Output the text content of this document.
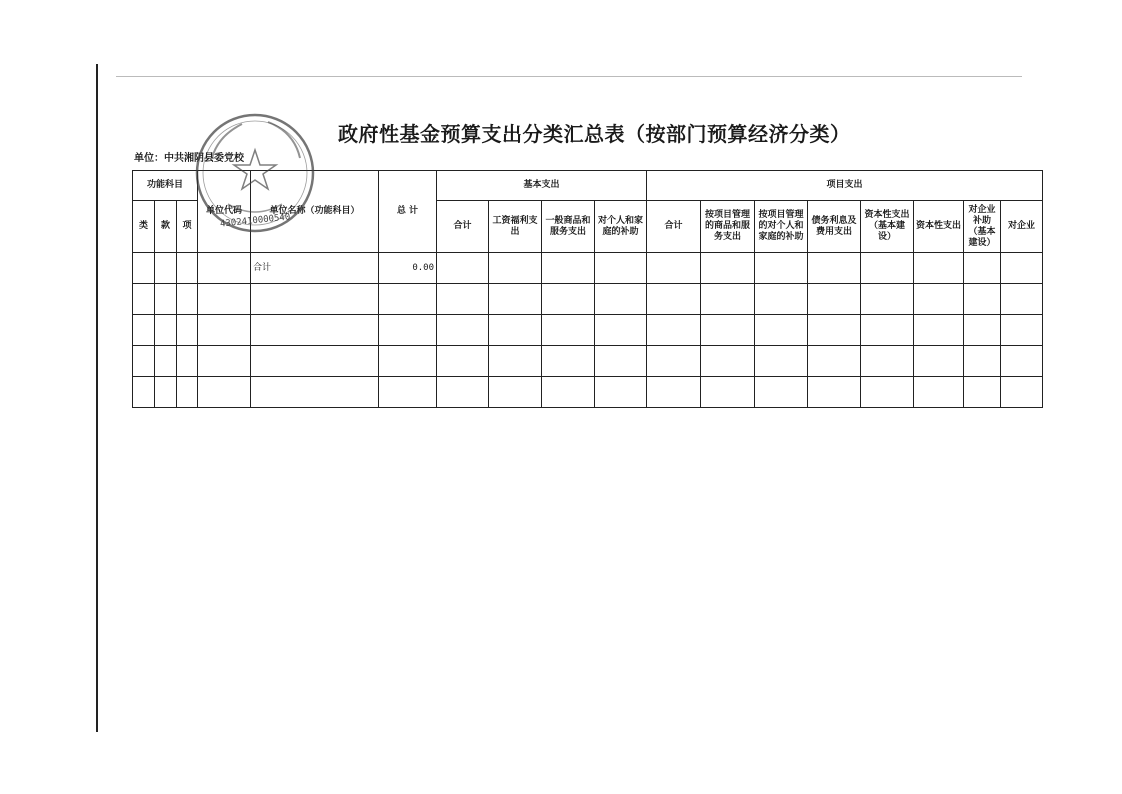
政府性基金预算支出分类汇总表（按部门预算经济分类）
单位：中共湘阴县委党校
功能科目			单位代码	单位名称（功能科目）	总 计	基本支出				项目支出							
类	款	项				合计	工资福利支出	一般商品和服务支出	对个人和家庭的补助	合计	按项目管理的商品和服务支出	按项目管理的对个人和家庭的补助	债务利息及费用支出	资本性支出（基本建设）	资本性支出	对企业补助（基本建设）	对企业
				合计	0.00												

4302410000540
